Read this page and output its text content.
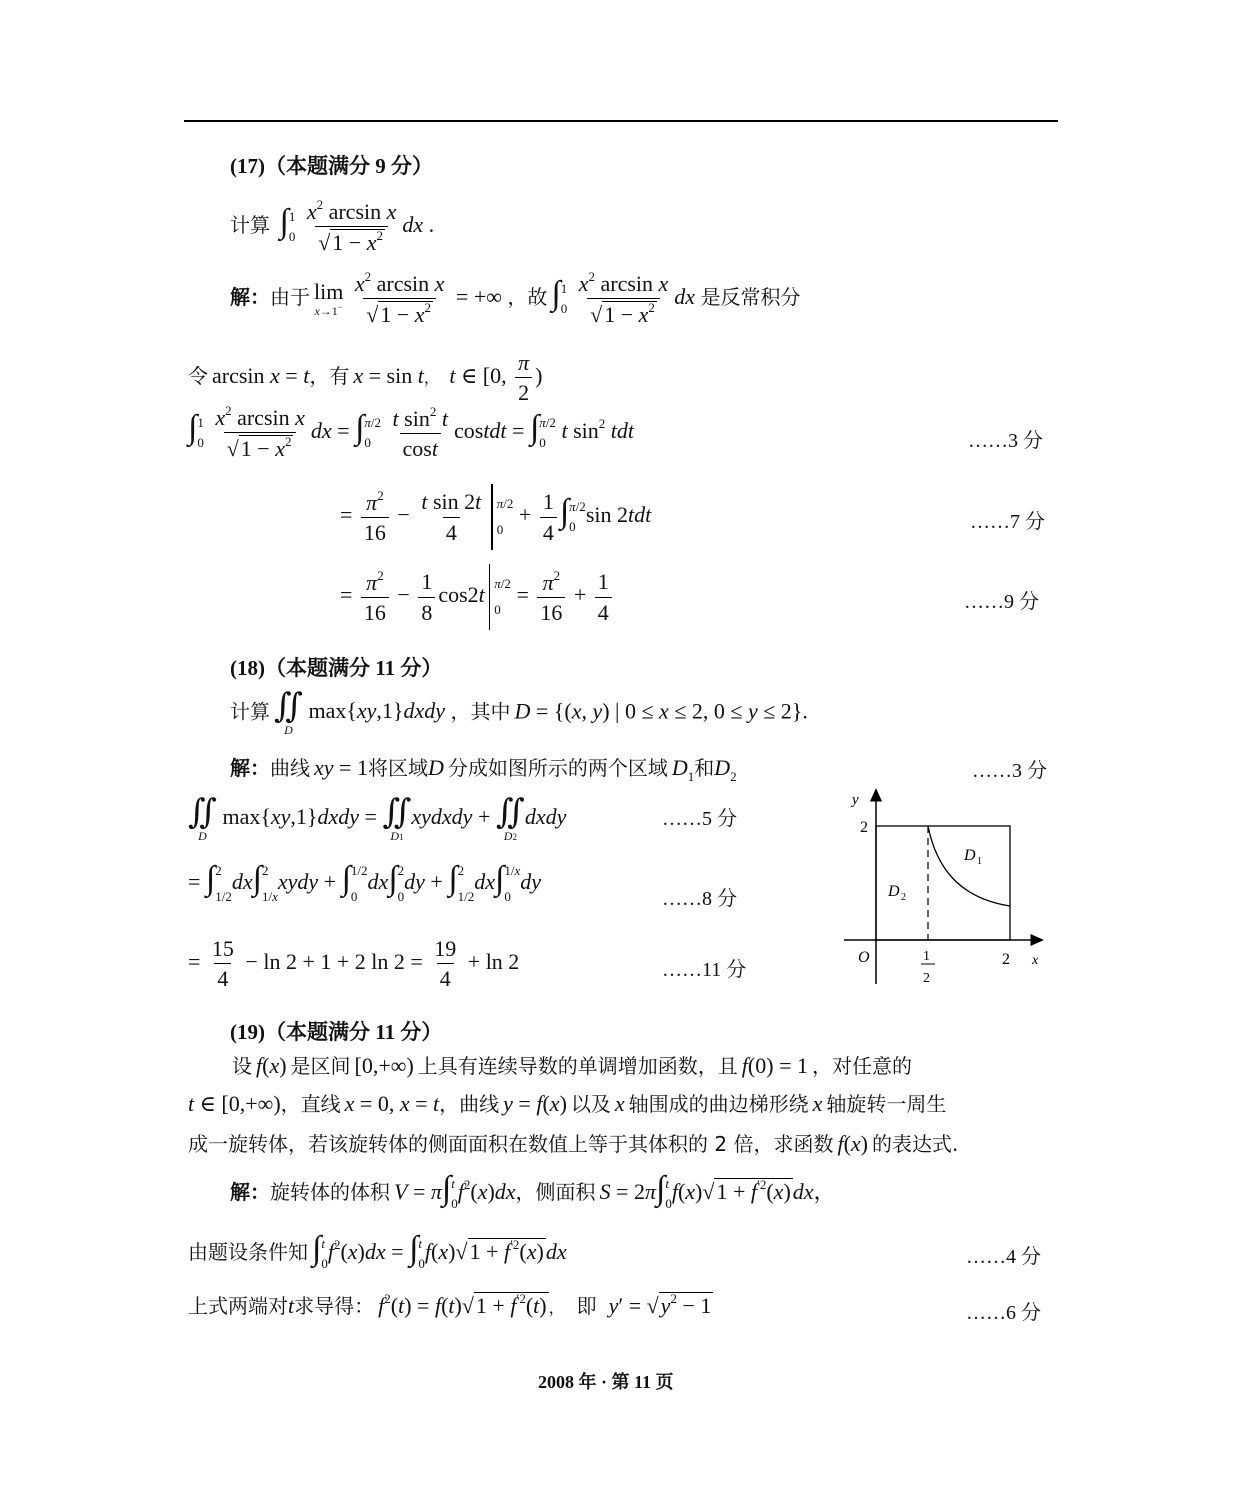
(17)（本题满分 9 分）
计算 ∫ 1
0
$\frac{x^2 \arcsin x}{√1 - x^2}$ dx .
解：由于 lim
x→1−
$\frac{x^2 \arcsin x}{√1 - x^2}$ = +∞ ，故 ∫ 1
0
$\frac{x^2 \arcsin x}{√1 - x^2}$ dx 是反常积分
令 arcsin x = t，有 x = sin t，  t ∈ [0, $\frac{\pi}{2}$ )
∫ 1
0
$\frac{x^2 \arcsin x}{√1 - x^2}$ dx = ∫ π/2
0
$\frac{t \sin^2 t}{\cos t}$ costdt = ∫ π/2
0 t $\sin^2$ tdt	……3 分
= $\frac{\pi^2}{16} - \frac{\text{t sin 2t}}{4} \pi/2$
0
+ $\frac{1}{4}$ ∫ π/2
0 sin 2tdt	……7 分
= $\frac{\pi^2}{16} - \frac{1}{8} \cos 2t$ π/2
0
= $\frac{\pi^2}{16} + \frac{1}{4}$	……9 分
(18)（本题满分 11 分）
计算 ∬
D
max{xy,1}dxdy ，其中 D = {(x, y) | 0 ≤ x ≤ 2, 0 ≤ y ≤ 2}.
解：曲线 xy = 1将区域D 分成如图所示的两个区域 $D_1$和$D_2$	……3 分
∬
D
max{xy,1}dxdy = ∬
D1
xydxdy + ∬
D2
dxdy	……5 分
= ∫ 2
1/2
dx∫ 2
1/x
xydy + ∫ 1/2
0
dx∫ 2
0
dy + ∫ 2
1/2
dx∫ 1/x
0
dy
……8 分
= $\frac{15}{4} - \ln 2 + 1 + 2$ $\ln 2 = \frac{19}{4} + \ln 2$	……11 分
y
x
O
2
2
1
2
D 1
D 2
(19)（本题满分 11 分）
设 f(x) 是区间 [0,+∞) 上具有连续导数的单调增加函数，且 f(0) = 1 ，对任意的
t ∈ [0,+∞)，直线 x = 0, x = t，曲线 y = f(x) 以及 x 轴围成的曲边梯形绕 x 轴旋转一周生
成一旋转体，若该旋转体的侧面面积在数值上等于其体积的 2 倍，求函数 f(x) 的表达式.
解：旋转体的体积 V = π∫ t
0 $f^2(x)dx$，侧面积 S = 2π∫ t
0 $f(x)√1 + f^{'2}(x)dx$，
由题设条件知 ∫ t
0 $f^2(x)dx$ = ∫ t
0 $f(x)√1 + f^{'2}(x)dx$	……4 分
上式两端对t求导得： $f^2(t) = f(t)√1 + f^{'2}(t)$ ，   即 $y' = √y^2 - 1$	……6 分
2008 年 · 第 11 页
